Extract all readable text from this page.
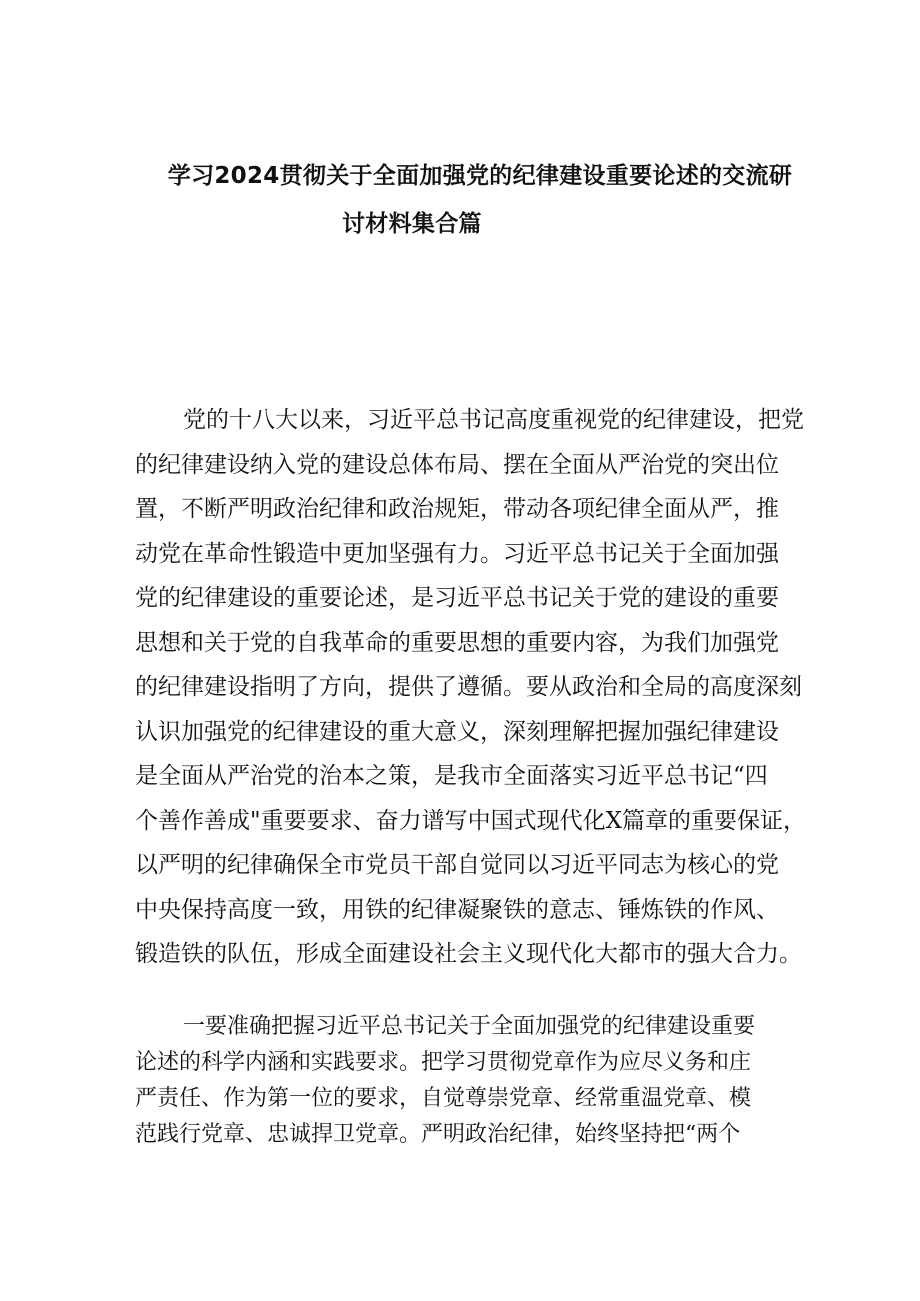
学习2024贯彻关于全面加强党的纪律建设重要论述的交流研
讨材料集合篇
党的十八大以来，习近平总书记高度重视党的纪律建设，把党
的纪律建设纳入党的建设总体布局、摆在全面从严治党的突出位
置，不断严明政治纪律和政治规矩，带动各项纪律全面从严，推
动党在革命性锻造中更加坚强有力。习近平总书记关于全面加强
党的纪律建设的重要论述，是习近平总书记关于党的建设的重要
思想和关于党的自我革命的重要思想的重要内容，为我们加强党
的纪律建设指明了方向，提供了遵循。要从政治和全局的高度深刻
认识加强党的纪律建设的重大意义，深刻理解把握加强纪律建设
是全面从严治党的治本之策，是我市全面落实习近平总书记“四
个善作善成"重要要求、奋力谱写中国式现代化X篇章的重要保证，
以严明的纪律确保全市党员干部自觉同以习近平同志为核心的党
中央保持高度一致，用铁的纪律凝聚铁的意志、锤炼铁的作风、
锻造铁的队伍，形成全面建设社会主义现代化大都市的强大合力。
一要准确把握习近平总书记关于全面加强党的纪律建设重要
论述的科学内涵和实践要求。把学习贯彻党章作为应尽义务和庄
严责任、作为第一位的要求，自觉尊崇党章、经常重温党章、模
范践行党章、忠诚捍卫党章。严明政治纪律，始终坚持把“两个
